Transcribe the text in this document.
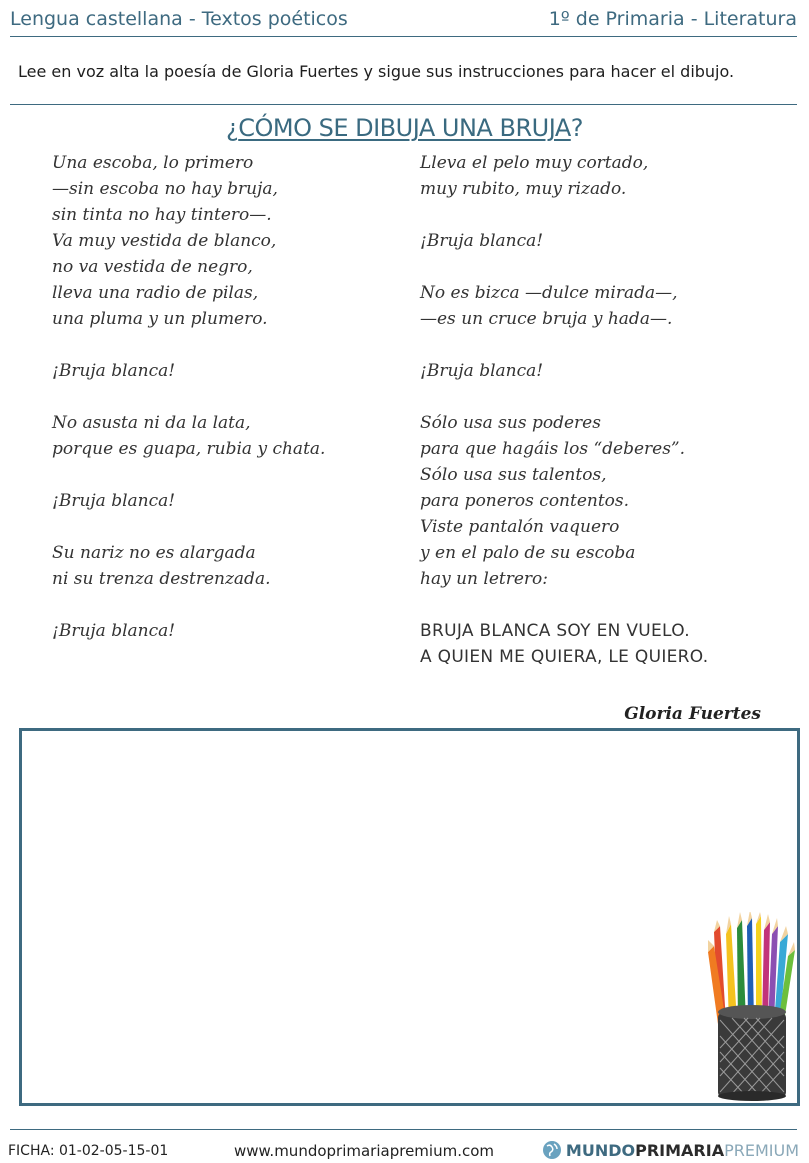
Lengua castellana - Textos poéticos	1º de Primaria - Literatura
Lee en voz alta la poesía de Gloria Fuertes y sigue sus instrucciones para hacer el dibujo.
¿CÓMO SE DIBUJA UNA BRUJA?
Una escoba, lo primero
—sin escoba no hay bruja,
sin tinta no hay tintero—.
Va muy vestida de blanco,
no va vestida de negro,
lleva una radio de pilas,
una pluma y un plumero.
¡Bruja blanca!
No asusta ni da la lata,
porque es guapa, rubia y chata.
¡Bruja blanca!
Su nariz no es alargada
ni su trenza destrenzada.
¡Bruja blanca!
Lleva el pelo muy cortado,
muy rubito, muy rizado.
¡Bruja blanca!
No es bizca —dulce mirada—,
—es un cruce bruja y hada—.
¡Bruja blanca!
Sólo usa sus poderes
para que hagáis los “deberes”.
Sólo usa sus talentos,
para poneros contentos.
Viste pantalón vaquero
y en el palo de su escoba
hay un letrero:
BRUJA BLANCA SOY EN VUELO.
A QUIEN ME QUIERA, LE QUIERO.
Gloria Fuertes
FICHA: 01-02-05-15-01	www.mundoprimariapremium.com	MUNDO PRIMARIA PREMIUM
